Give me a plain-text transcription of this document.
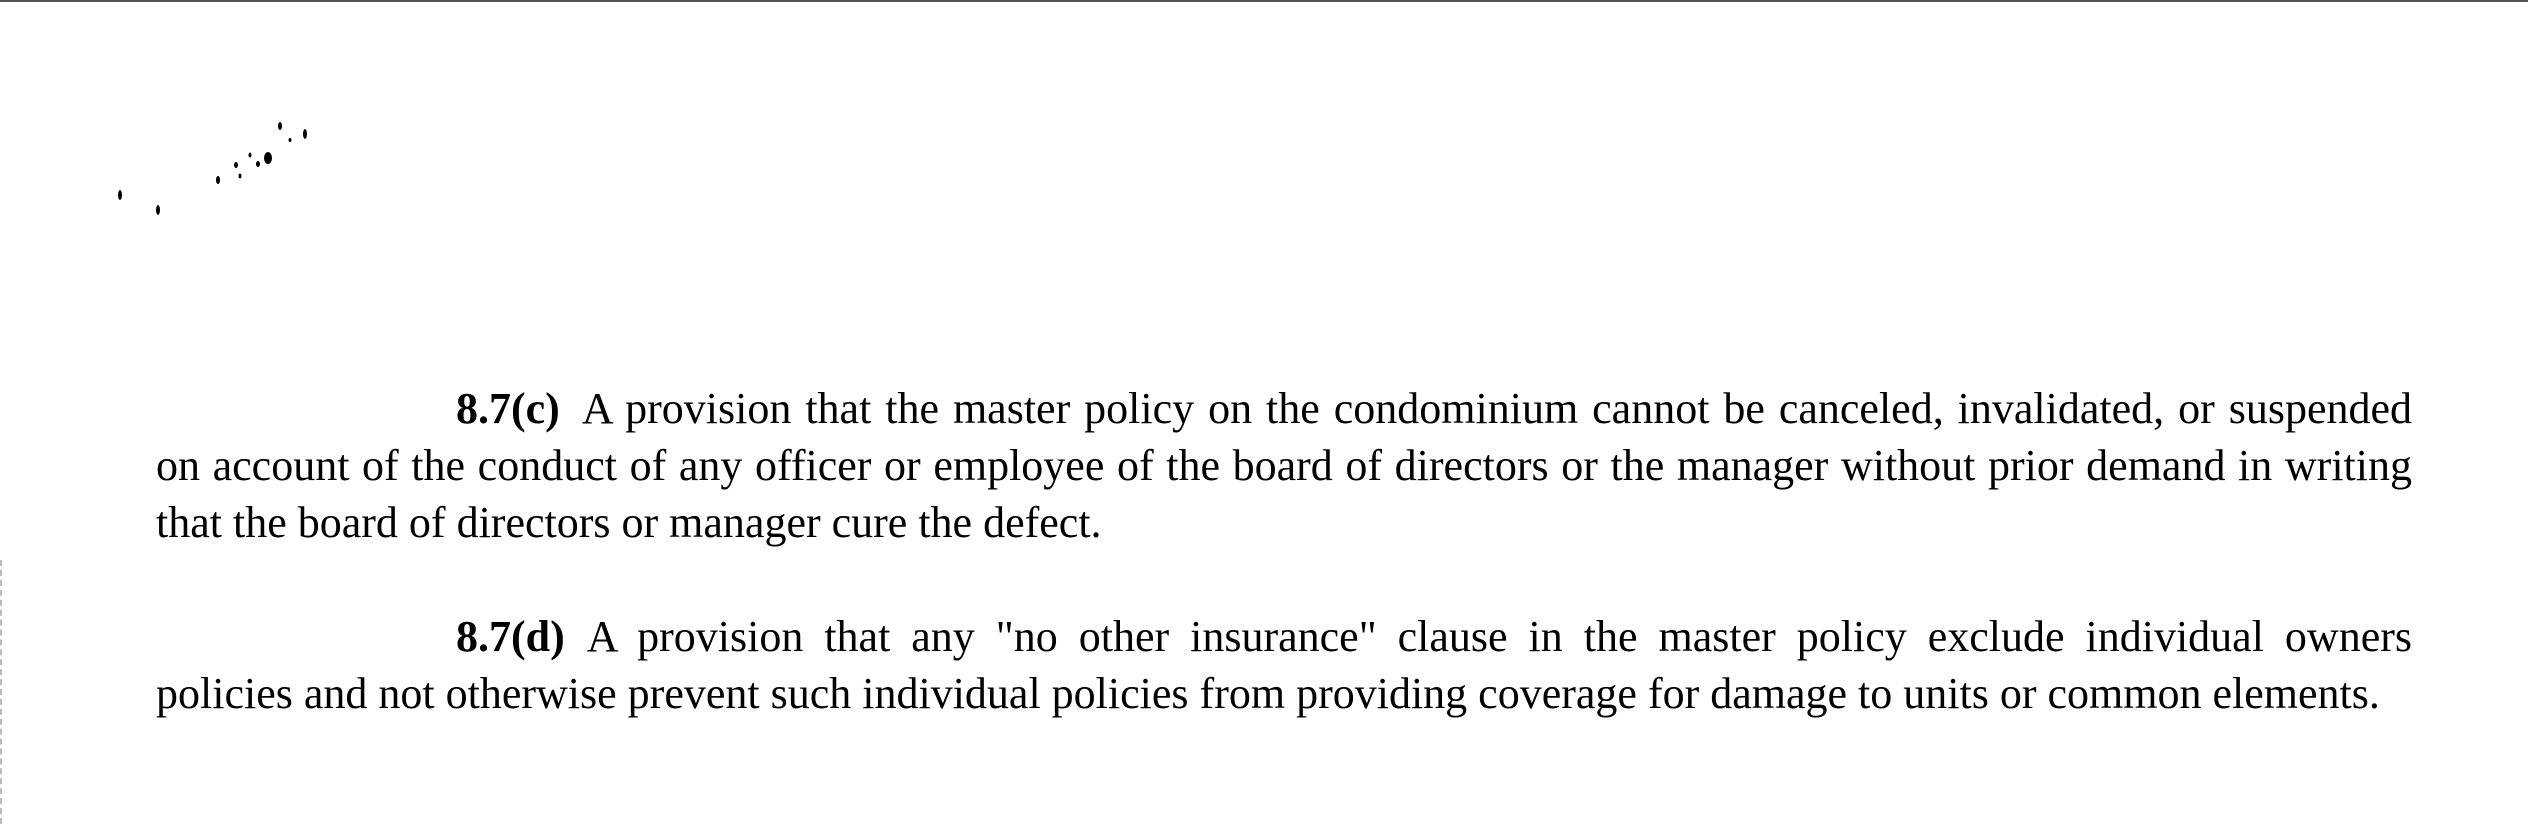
8.7(c) A provision that the master policy on the condominium cannot be canceled, invalidated, or suspended on account of the conduct of any officer or employee of the board of directors or the manager without prior demand in writing that the board of directors or manager cure the defect.

8.7(d) A provision that any "no other insurance" clause in the master policy exclude individual owners policies and not otherwise prevent such individual policies from providing coverage for damage to units or common elements.
